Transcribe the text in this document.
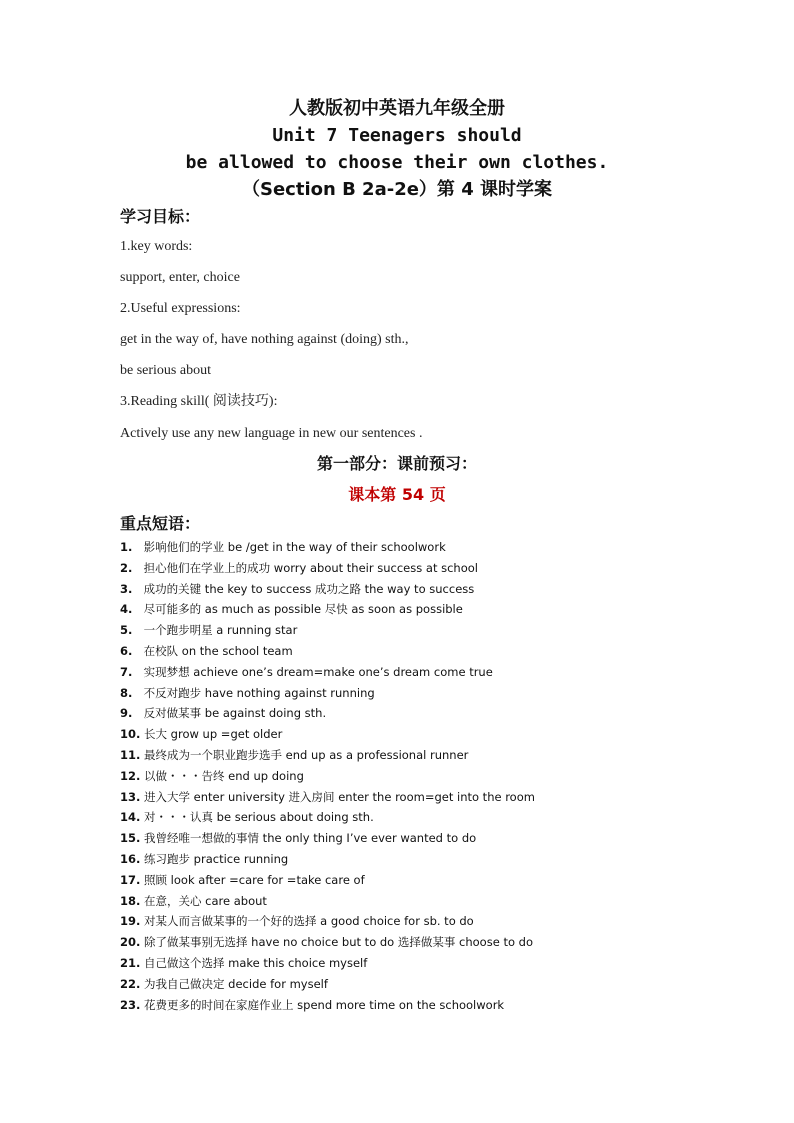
人教版初中英语九年级全册
Unit 7 Teenagers should
be allowed to choose their own clothes.
（Section B 2a-2e）第 4 课时学案
学习目标：
1.key words:
support, enter, choice
2.Useful expressions:
get in the way of, have nothing against (doing) sth.,
be serious about
3.Reading skill( 阅读技巧):
Actively use any new language in new our sentences .
第一部分：课前预习：
课本第 54 页
重点短语：
1. 影响他们的学业 be /get in the way of their schoolwork
2. 担心他们在学业上的成功 worry about their success at school
3. 成功的关键 the key to success 成功之路 the way to success
4. 尽可能多的 as much as possible 尽快 as soon as possible
5. 一个跑步明星 a running star
6. 在校队 on the school team
7. 实现梦想 achieve one’s dream=make one’s dream come true
8. 不反对跑步 have nothing against running
9. 反对做某事 be against doing sth.
10. 长大 grow up =get older
11. 最终成为一个职业跑步选手 end up as a professional runner
12. 以做・・・告终 end up doing
13. 进入大学 enter university 进入房间 enter the room=get into the room
14. 对・・・认真 be serious about doing sth.
15. 我曾经唯一想做的事情 the only thing I’ve ever wanted to do
16. 练习跑步 practice running
17. 照顾 look after =care for =take care of
18. 在意，关心 care about
19. 对某人而言做某事的一个好的选择 a good choice for sb. to do
20. 除了做某事别无选择 have no choice but to do 选择做某事 choose to do
21. 自己做这个选择 make this choice myself
22. 为我自己做决定 decide for myself
23. 花费更多的时间在家庭作业上 spend more time on the schoolwork
